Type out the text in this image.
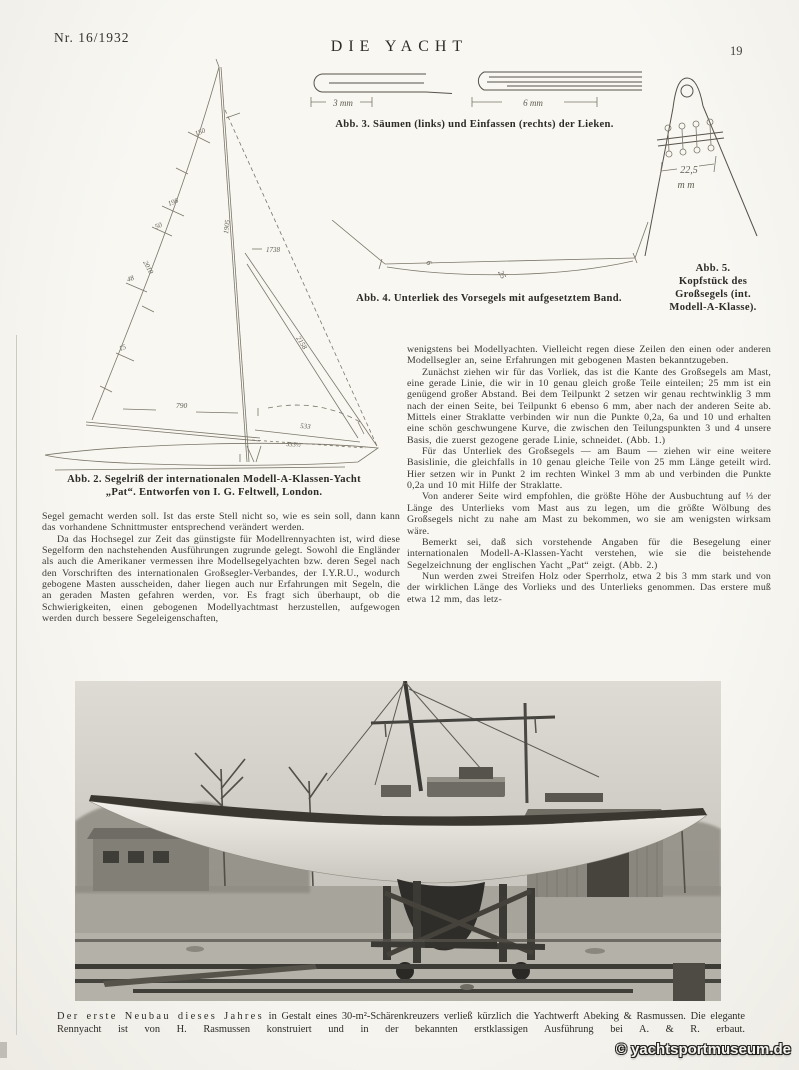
Nr. 16/1932
DIE YACHT	19
3 mm	6 mm
Abb. 3. Säumen (links) und Einfassen (rechts) der Lieken.
22,5
m m
Abb. 5.
Kopfstück des
Großsegels (int.
Modell-A-Klasse).
150
198
50
2010
48
15
1738
1905
2158
790
533
533½
Abb. 2. Segelriß der internationalen Modell-A-Klassen-Yacht
„Pat“. Entworfen von I. G. Feltwell, London.
6
25
Abb. 4. Unterliek des Vorsegels mit aufgesetztem Band.

Segel gemacht werden soll. Ist das erste Stell nicht so, wie es sein soll, dann kann das vorhandene Schnittmuster entsprechend verändert werden.

Da das Hochsegel zur Zeit das günstigste für Modellrennyachten ist, wird diese Segelform den nachstehenden Ausführungen zugrunde gelegt. Sowohl die Engländer als auch die Amerikaner vermessen ihre Modellsegelyachten bzw. deren Segel nach den Vorschriften des internationalen Großsegler-Verbandes, der I.Y.R.U., wodurch gebogene Masten ausscheiden, daher liegen auch nur Erfahrungen mit Segeln, die an geraden Masten gefahren werden, vor. Es fragt sich überhaupt, ob die Schwierigkeiten, einen gebogenen Modellyachtmast herzustellen, aufgewogen werden durch bessere Segeleigenschaften,

wenigstens bei Modellyachten. Vielleicht regen diese Zeilen den einen oder anderen Modellsegler an, seine Erfahrungen mit gebogenen Masten bekanntzugeben.

Zunächst ziehen wir für das Vorliek, das ist die Kante des Großsegels am Mast, eine gerade Linie, die wir in 10 genau gleich große Teile einteilen; 25 mm ist ein genügend großer Abstand. Bei dem Teilpunkt 2 setzen wir genau rechtwinklig 3 mm nach der einen Seite, bei Teilpunkt 6 ebenso 6 mm, aber nach der anderen Seite ab. Mittels einer Straklatte verbinden wir nun die Punkte 0,2a, 6a und 10 und erhalten eine schön geschwungene Kurve, die zwischen den Teilungspunkten 3 und 4 unsere Basis, die zuerst gezogene gerade Linie, schneidet. (Abb. 1.)

Für das Unterliek des Großsegels — am Baum — ziehen wir eine weitere Basislinie, die gleichfalls in 10 genau gleiche Teile von 25 mm Länge geteilt wird. Hier setzen wir in Punkt 2 im rechten Winkel 3 mm ab und verbinden die Punkte 0,2a und 10 mit Hilfe der Straklatte.

Von anderer Seite wird empfohlen, die größte Höhe der Ausbuchtung auf ⅓ der Länge des Unterlieks vom Mast aus zu legen, um die größte Wölbung des Großsegels nicht zu nahe am Mast zu bekommen, wo sie am wenigsten wirksam wäre.

Bemerkt sei, daß sich vorstehende Angaben für die Besegelung einer internationalen Modell-A-Klassen-Yacht verstehen, wie sie die beistehende Segelzeichnung der englischen Yacht „Pat“ zeigt. (Abb. 2.)

Nun werden zwei Streifen Holz oder Sperrholz, etwa 2 bis 3 mm stark und von der wirklichen Länge des Vorlieks und des Unterlieks genommen. Das erstere muß etwa 12 mm, das letz-

Der erste Neubau dieses Jahres in Gestalt eines 30-m²-Schärenkreuzers verließ kürzlich die Yachtwerft Abeking & Rasmussen. Die elegante Rennyacht ist von H. Rasmussen konstruiert und in der bekannten erstklassigen Ausführung bei A. & R. erbaut.
© yachtsportmuseum.de
